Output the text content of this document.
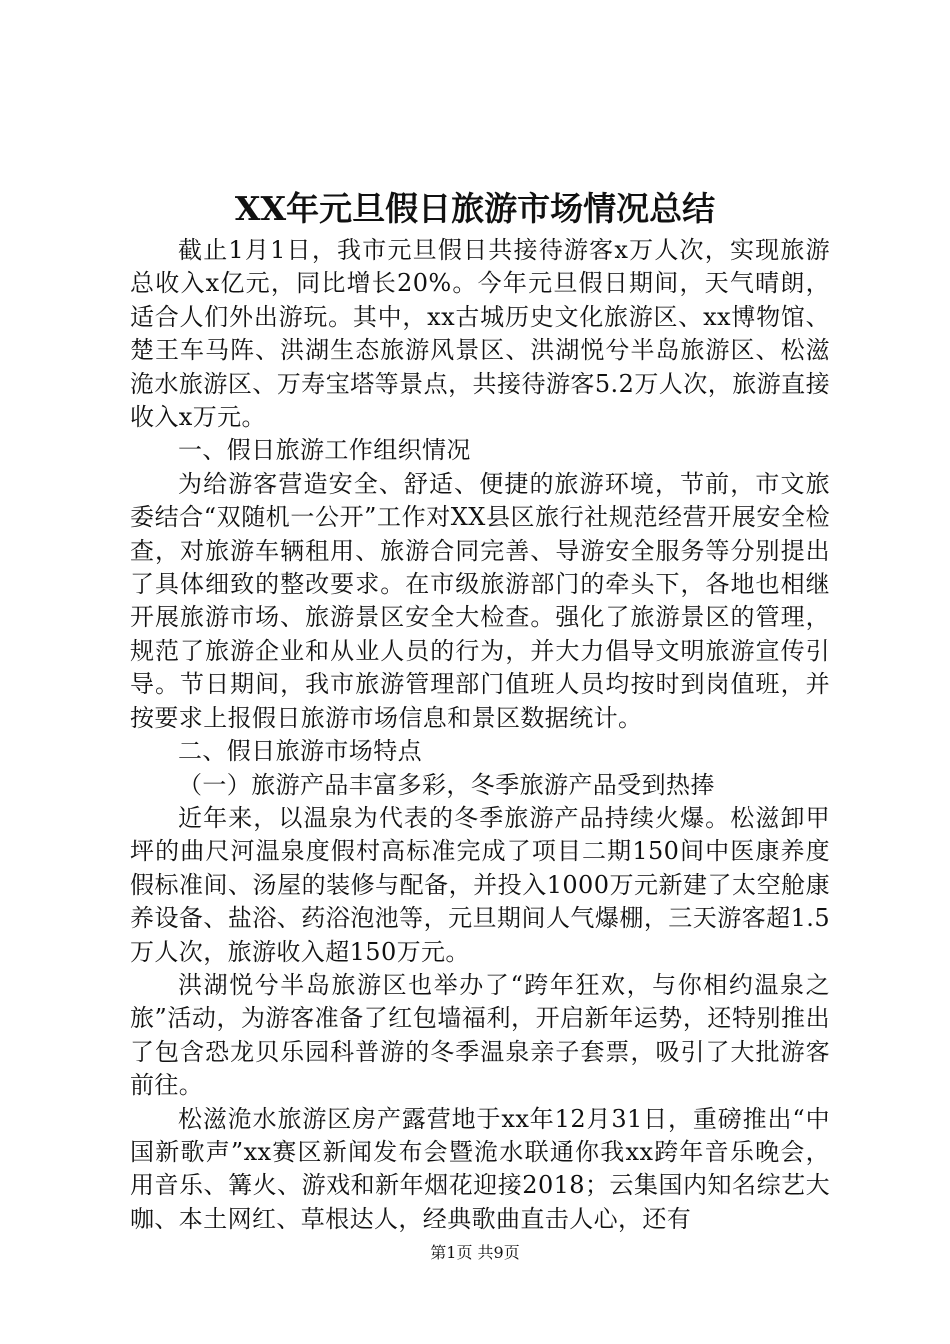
XX年元旦假日旅游市场情况总结

截止1月1日，我市元旦假日共接待游客x万人次，实现旅游总收入x亿元，同比增长20%。今年元旦假日期间，天气晴朗，适合人们外出游玩。其中，xx古城历史文化旅游区、xx博物馆、楚王车马阵、洪湖生态旅游风景区、洪湖悦兮半岛旅游区、松滋洈水旅游区、万寿宝塔等景点，共接待游客5.2万人次，旅游直接收入x万元。

一、假日旅游工作组织情况

为给游客营造安全、舒适、便捷的旅游环境，节前，市文旅委结合“双随机一公开”工作对XX县区旅行社规范经营开展安全检查，对旅游车辆租用、旅游合同完善、导游安全服务等分别提出了具体细致的整改要求。在市级旅游部门的牵头下，各地也相继开展旅游市场、旅游景区安全大检查。强化了旅游景区的管理，规范了旅游企业和从业人员的行为，并大力倡导文明旅游宣传引导。节日期间，我市旅游管理部门值班人员均按时到岗值班，并按要求上报假日旅游市场信息和景区数据统计。

二、假日旅游市场特点

（一）旅游产品丰富多彩，冬季旅游产品受到热捧

近年来，以温泉为代表的冬季旅游产品持续火爆。松滋卸甲坪的曲尺河温泉度假村高标准完成了项目二期150间中医康养度假标准间、汤屋的装修与配备，并投入1000万元新建了太空舱康养设备、盐浴、药浴泡池等，元旦期间人气爆棚，三天游客超1.5万人次，旅游收入超150万元。

洪湖悦兮半岛旅游区也举办了“跨年狂欢，与你相约温泉之旅”活动，为游客准备了红包墙福利，开启新年运势，还特别推出了包含恐龙贝乐园科普游的冬季温泉亲子套票，吸引了大批游客前往。

松滋洈水旅游区房产露营地于xx年12月31日，重磅推出“中国新歌声”xx赛区新闻发布会暨洈水联通你我xx跨年音乐晚会，用音乐、篝火、游戏和新年烟花迎接2018；云集国内知名综艺大咖、本土网红、草根达人，经典歌曲直击人心，还有

第1页 共9页
